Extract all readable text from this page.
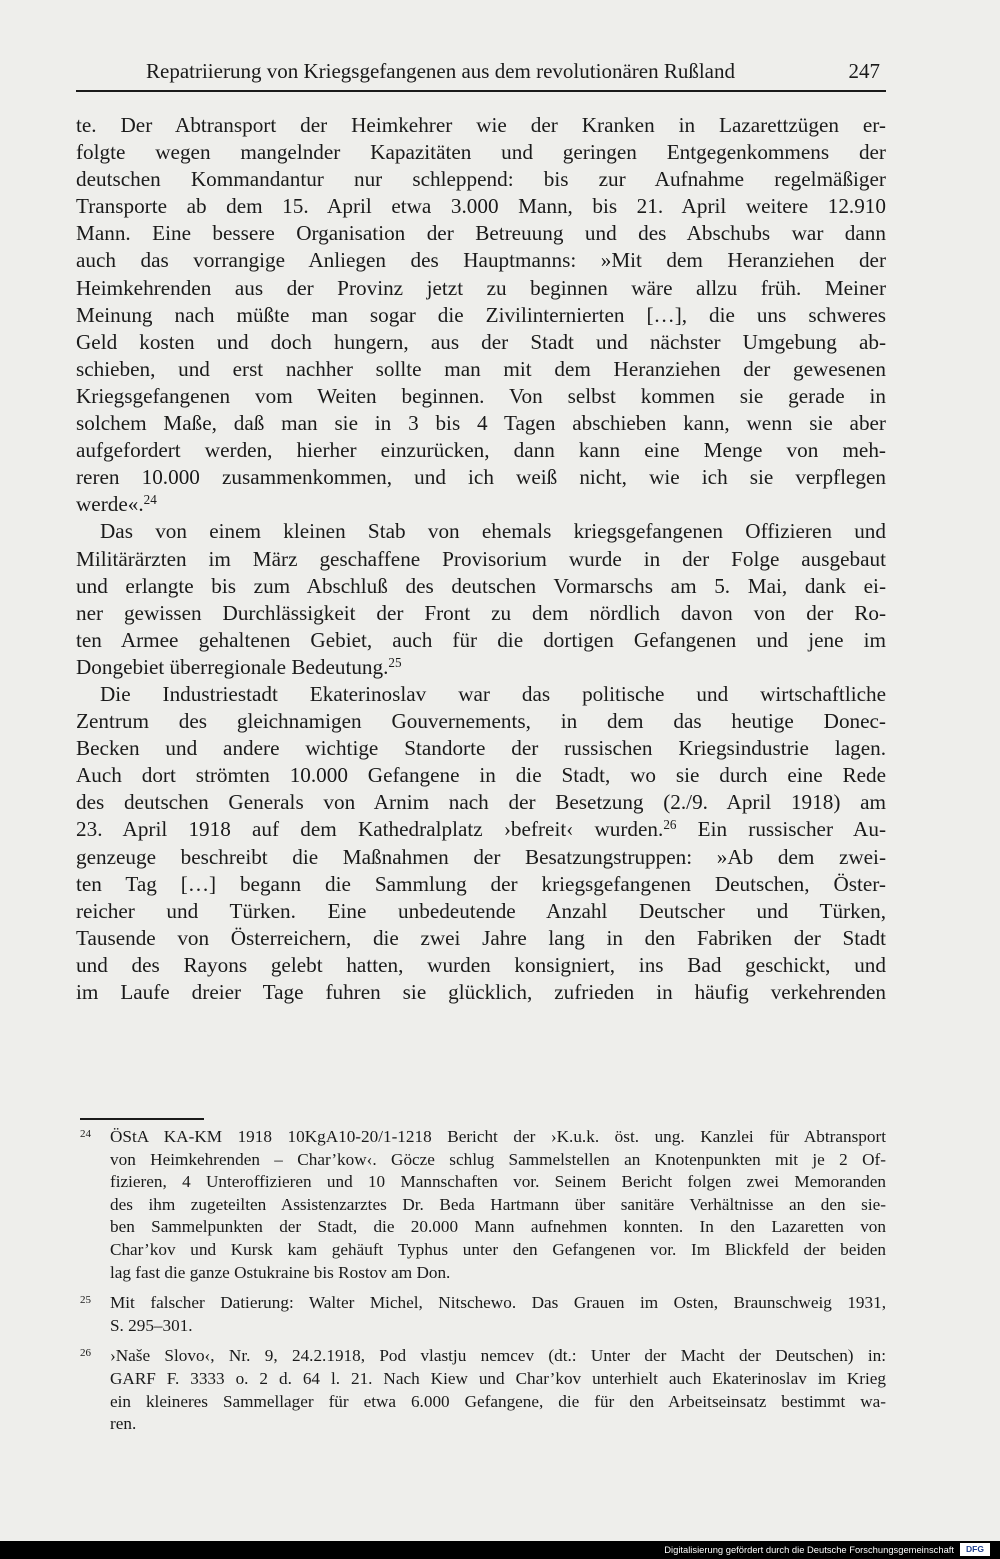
Repatriierung von Kriegsgefangenen aus dem revolutionären Rußland	247
te. Der Abtransport der Heimkehrer wie der Kranken in Lazarettzügen er-
folgte wegen mangelnder Kapazitäten und geringen Entgegenkommens der
deutschen Kommandantur nur schleppend: bis zur Aufnahme regelmäßiger
Transporte ab dem 15. April etwa 3.000 Mann, bis 21. April weitere 12.910
Mann. Eine bessere Organisation der Betreuung und des Abschubs war dann
auch das vorrangige Anliegen des Hauptmanns: »Mit dem Heranziehen der
Heimkehrenden aus der Provinz jetzt zu beginnen wäre allzu früh. Meiner
Meinung nach müßte man sogar die Zivilinternierten […], die uns schweres
Geld kosten und doch hungern, aus der Stadt und nächster Umgebung ab-
schieben, und erst nachher sollte man mit dem Heranziehen der gewesenen
Kriegsgefangenen vom Weiten beginnen. Von selbst kommen sie gerade in
solchem Maße, daß man sie in 3 bis 4 Tagen abschieben kann, wenn sie aber
aufgefordert werden, hierher einzurücken, dann kann eine Menge von meh-
reren 10.000 zusammenkommen, und ich weiß nicht, wie ich sie verpflegen
werde«.$^{24}$
Das von einem kleinen Stab von ehemals kriegsgefangenen Offizieren und
Militärärzten im März geschaffene Provisorium wurde in der Folge ausgebaut
und erlangte bis zum Abschluß des deutschen Vormarschs am 5. Mai, dank ei-
ner gewissen Durchlässigkeit der Front zu dem nördlich davon von der Ro-
ten Armee gehaltenen Gebiet, auch für die dortigen Gefangenen und jene im
Dongebiet überregionale Bedeutung.$^{25}$
Die Industriestadt Ekaterinoslav war das politische und wirtschaftliche
Zentrum des gleichnamigen Gouvernements, in dem das heutige Donec-
Becken und andere wichtige Standorte der russischen Kriegsindustrie lagen.
Auch dort strömten 10.000 Gefangene in die Stadt, wo sie durch eine Rede
des deutschen Generals von Arnim nach der Besetzung (2./9. April 1918) am
23. April 1918 auf dem Kathedralplatz ›befreit‹ wurden.$^{26}$ Ein russischer Au-
genzeuge beschreibt die Maßnahmen der Besatzungstruppen: »Ab dem zwei-
ten Tag […] begann die Sammlung der kriegsgefangenen Deutschen, Öster-
reicher und Türken. Eine unbedeutende Anzahl Deutscher und Türken,
Tausende von Österreichern, die zwei Jahre lang in den Fabriken der Stadt
und des Rayons gelebt hatten, wurden konsigniert, ins Bad geschickt, und
im Laufe dreier Tage fuhren sie glücklich, zufrieden in häufig verkehrenden
24 ÖStA KA-KM 1918 10KgA10-20/1-1218 Bericht der ›K.u.k. öst. ung. Kanzlei für Abtransport
von Heimkehrenden – Char’kow‹. Göcze schlug Sammelstellen an Knotenpunkten mit je 2 Of-
fizieren, 4 Unteroffizieren und 10 Mannschaften vor. Seinem Bericht folgen zwei Memoranden
des ihm zugeteilten Assistenzarztes Dr. Beda Hartmann über sanitäre Verhältnisse an den sie-
ben Sammelpunkten der Stadt, die 20.000 Mann aufnehmen konnten. In den Lazaretten von
Char’kov und Kursk kam gehäuft Typhus unter den Gefangenen vor. Im Blickfeld der beiden
lag fast die ganze Ostukraine bis Rostov am Don.
25 Mit falscher Datierung: Walter Michel, Nitschewo. Das Grauen im Osten, Braunschweig 1931,
S. 295–301.
26 ›Naše Slovo‹, Nr. 9, 24.2.1918, Pod vlastju nemcev (dt.: Unter der Macht der Deutschen) in:
GARF F. 3333 o. 2 d. 64 l. 21. Nach Kiew und Char’kov unterhielt auch Ekaterinoslav im Krieg
ein kleineres Sammellager für etwa 6.000 Gefangene, die für den Arbeitseinsatz bestimmt wa-
ren.
Digitalisierung gefördert durch die Deutsche Forschungsgemeinschaft	DFG
